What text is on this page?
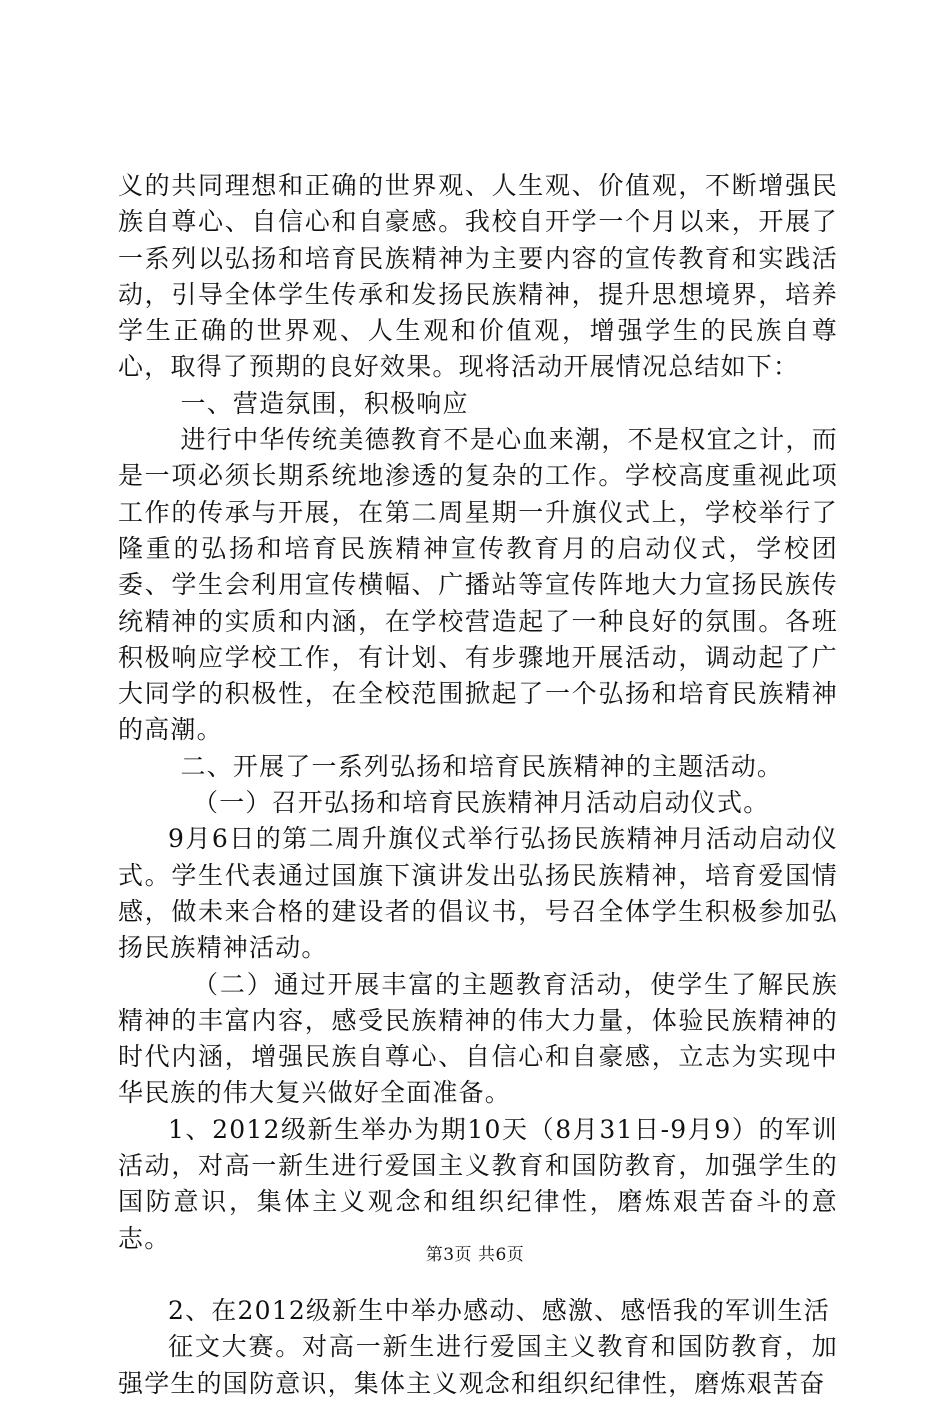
义的共同理想和正确的世界观、人生观、价值观，不断增强民族自尊心、自信心和自豪感。我校自开学一个月以来，开展了一系列以弘扬和培育民族精神为主要内容的宣传教育和实践活动，引导全体学生传承和发扬民族精神，提升思想境界，培养学生正确的世界观、人生观和价值观，增强学生的民族自尊心，取得了预期的良好效果。现将活动开展情况总结如下：

一、营造氛围，积极响应

进行中华传统美德教育不是心血来潮，不是权宜之计，而是一项必须长期系统地渗透的复杂的工作。学校高度重视此项工作的传承与开展，在第二周星期一升旗仪式上，学校举行了隆重的弘扬和培育民族精神宣传教育月的启动仪式，学校团委、学生会利用宣传横幅、广播站等宣传阵地大力宣扬民族传统精神的实质和内涵，在学校营造起了一种良好的氛围。各班积极响应学校工作，有计划、有步骤地开展活动，调动起了广大同学的积极性，在全校范围掀起了一个弘扬和培育民族精神的高潮。

二、开展了一系列弘扬和培育民族精神的主题活动。

（一）召开弘扬和培育民族精神月活动启动仪式。

9月6日的第二周升旗仪式举行弘扬民族精神月活动启动仪式。学生代表通过国旗下演讲发出弘扬民族精神，培育爱国情感，做未来合格的建设者的倡议书，号召全体学生积极参加弘扬民族精神活动。

（二）通过开展丰富的主题教育活动，使学生了解民族精神的丰富内容，感受民族精神的伟大力量，体验民族精神的时代内涵，增强民族自尊心、自信心和自豪感，立志为实现中华民族的伟大复兴做好全面准备。

1、2012级新生举办为期10天（8月31日-9月9）的军训活动，对高一新生进行爱国主义教育和国防教育，加强学生的国防意识，集体主义观念和组织纪律性，磨炼艰苦奋斗的意志。

2、在2012级新生中举办感动、感激、感悟我的军训生活

征文大赛。对高一新生进行爱国主义教育和国防教育，加强学生的国防意识，集体主义观念和组织纪律性，磨炼艰苦奋

第3页 共6页
